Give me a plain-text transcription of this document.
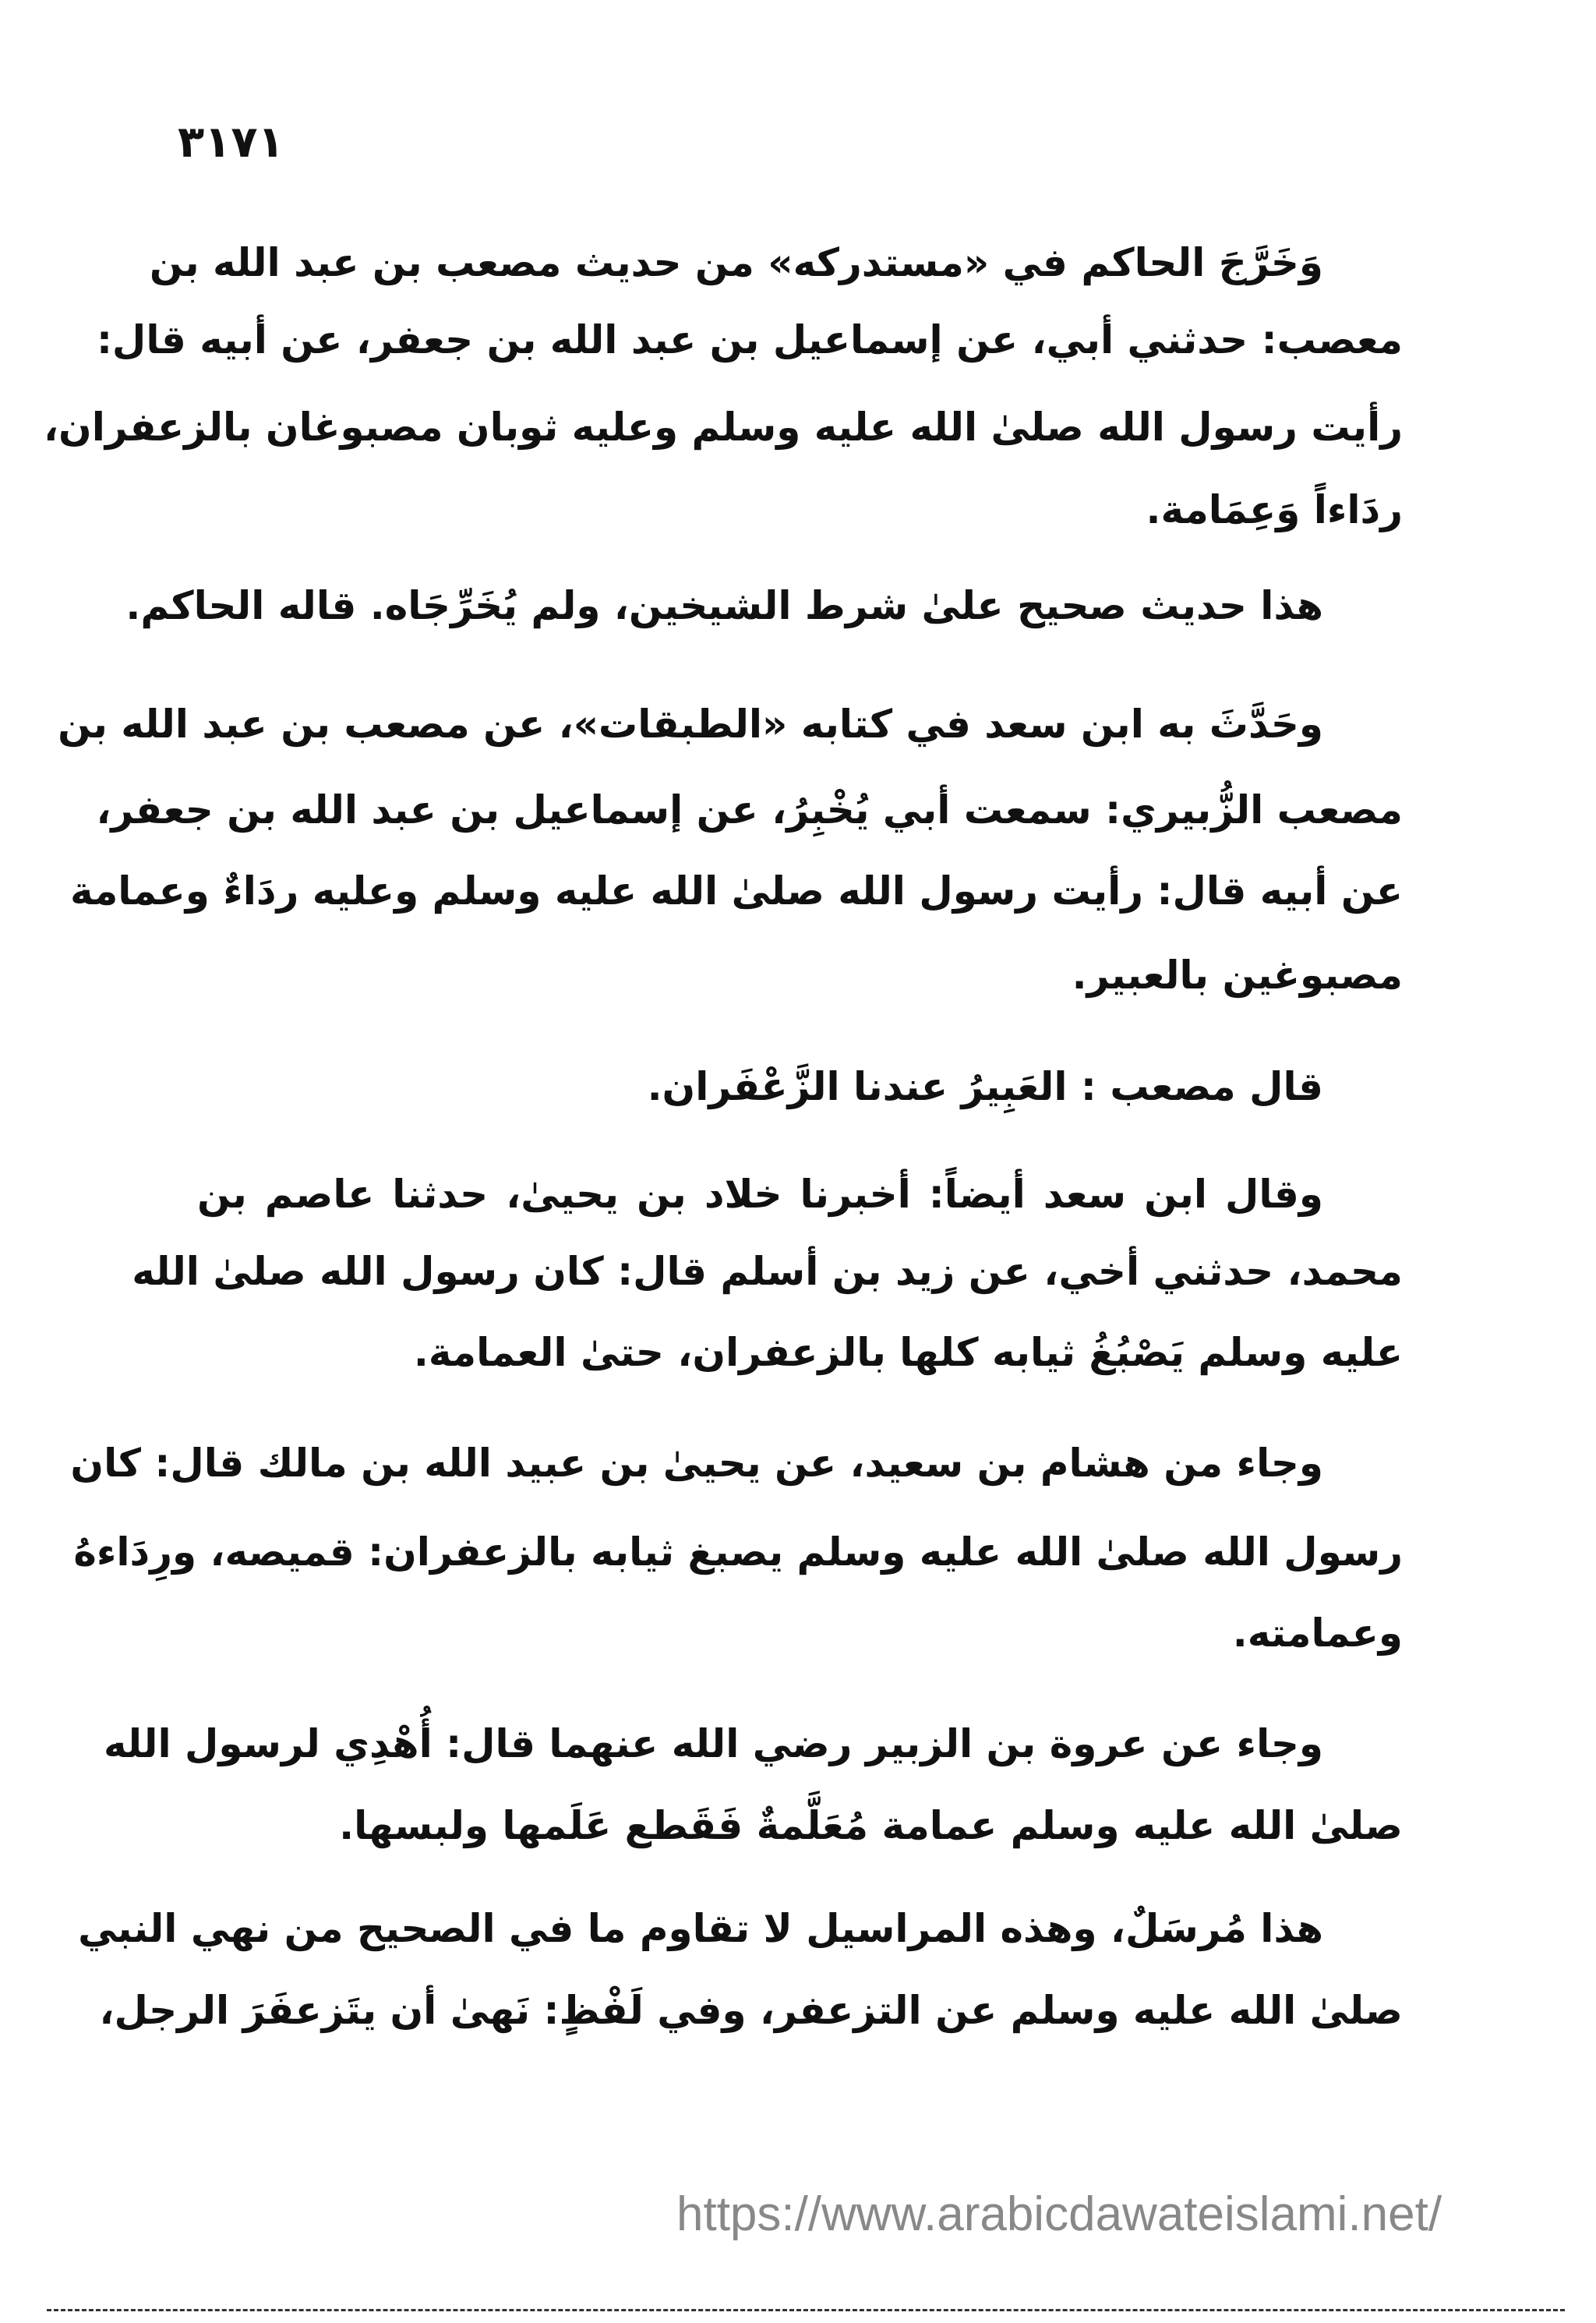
٣١٧١
وَخَرَّجَ الحاكم في «مستدركه» من حديث مصعب بن عبد الله بن
معصب: حدثني أبي، عن إسماعيل بن عبد الله بن جعفر، عن أبيه قال:
رأيت رسول الله صلىٰ الله عليه وسلم وعليه ثوبان مصبوغان بالزعفران،
ردَاءاً وَعِمَامة.
هذا حديث صحيح علىٰ شرط الشيخين، ولم يُخَرِّجَاه. قاله الحاكم.
وحَدَّثَ به ابن سعد في كتابه «الطبقات»، عن مصعب بن عبد الله بن
مصعب الزُّبيري: سمعت أبي يُخْبِرُ، عن إسماعيل بن عبد الله بن جعفر،
عن أبيه قال: رأيت رسول الله صلىٰ الله عليه وسلم وعليه ردَاءٌ وعمامة
مصبوغين بالعبير.
قال مصعب : العَبِيرُ عندنا الزَّعْفَران.
وقال ابن سعد أيضاً: أخبرنا خلاد بن يحيىٰ، حدثنا عاصم بن
محمد، حدثني أخي، عن زيد بن أسلم قال: كان رسول الله صلىٰ الله
عليه وسلم يَصْبُغُ ثيابه كلها بالزعفران، حتىٰ العمامة.
وجاء من هشام بن سعيد، عن يحيىٰ بن عبيد الله بن مالك قال: كان
رسول الله صلىٰ الله عليه وسلم يصبغ ثيابه بالزعفران: قميصه، ورِدَاءهُ
وعمامته.
وجاء عن عروة بن الزبير رضي الله عنهما قال: أُهْدِي لرسول الله
صلىٰ الله عليه وسلم عمامة مُعَلَّمةٌ فَقَطع عَلَمها ولبسها.
هذا مُرسَلٌ، وهذه المراسيل لا تقاوم ما في الصحيح من نهي النبي
صلىٰ الله عليه وسلم عن التزعفر، وفي لَفْظٍ: نَهىٰ أن يتَزعفَرَ الرجل،
https://www.arabicdawateislami.net/
